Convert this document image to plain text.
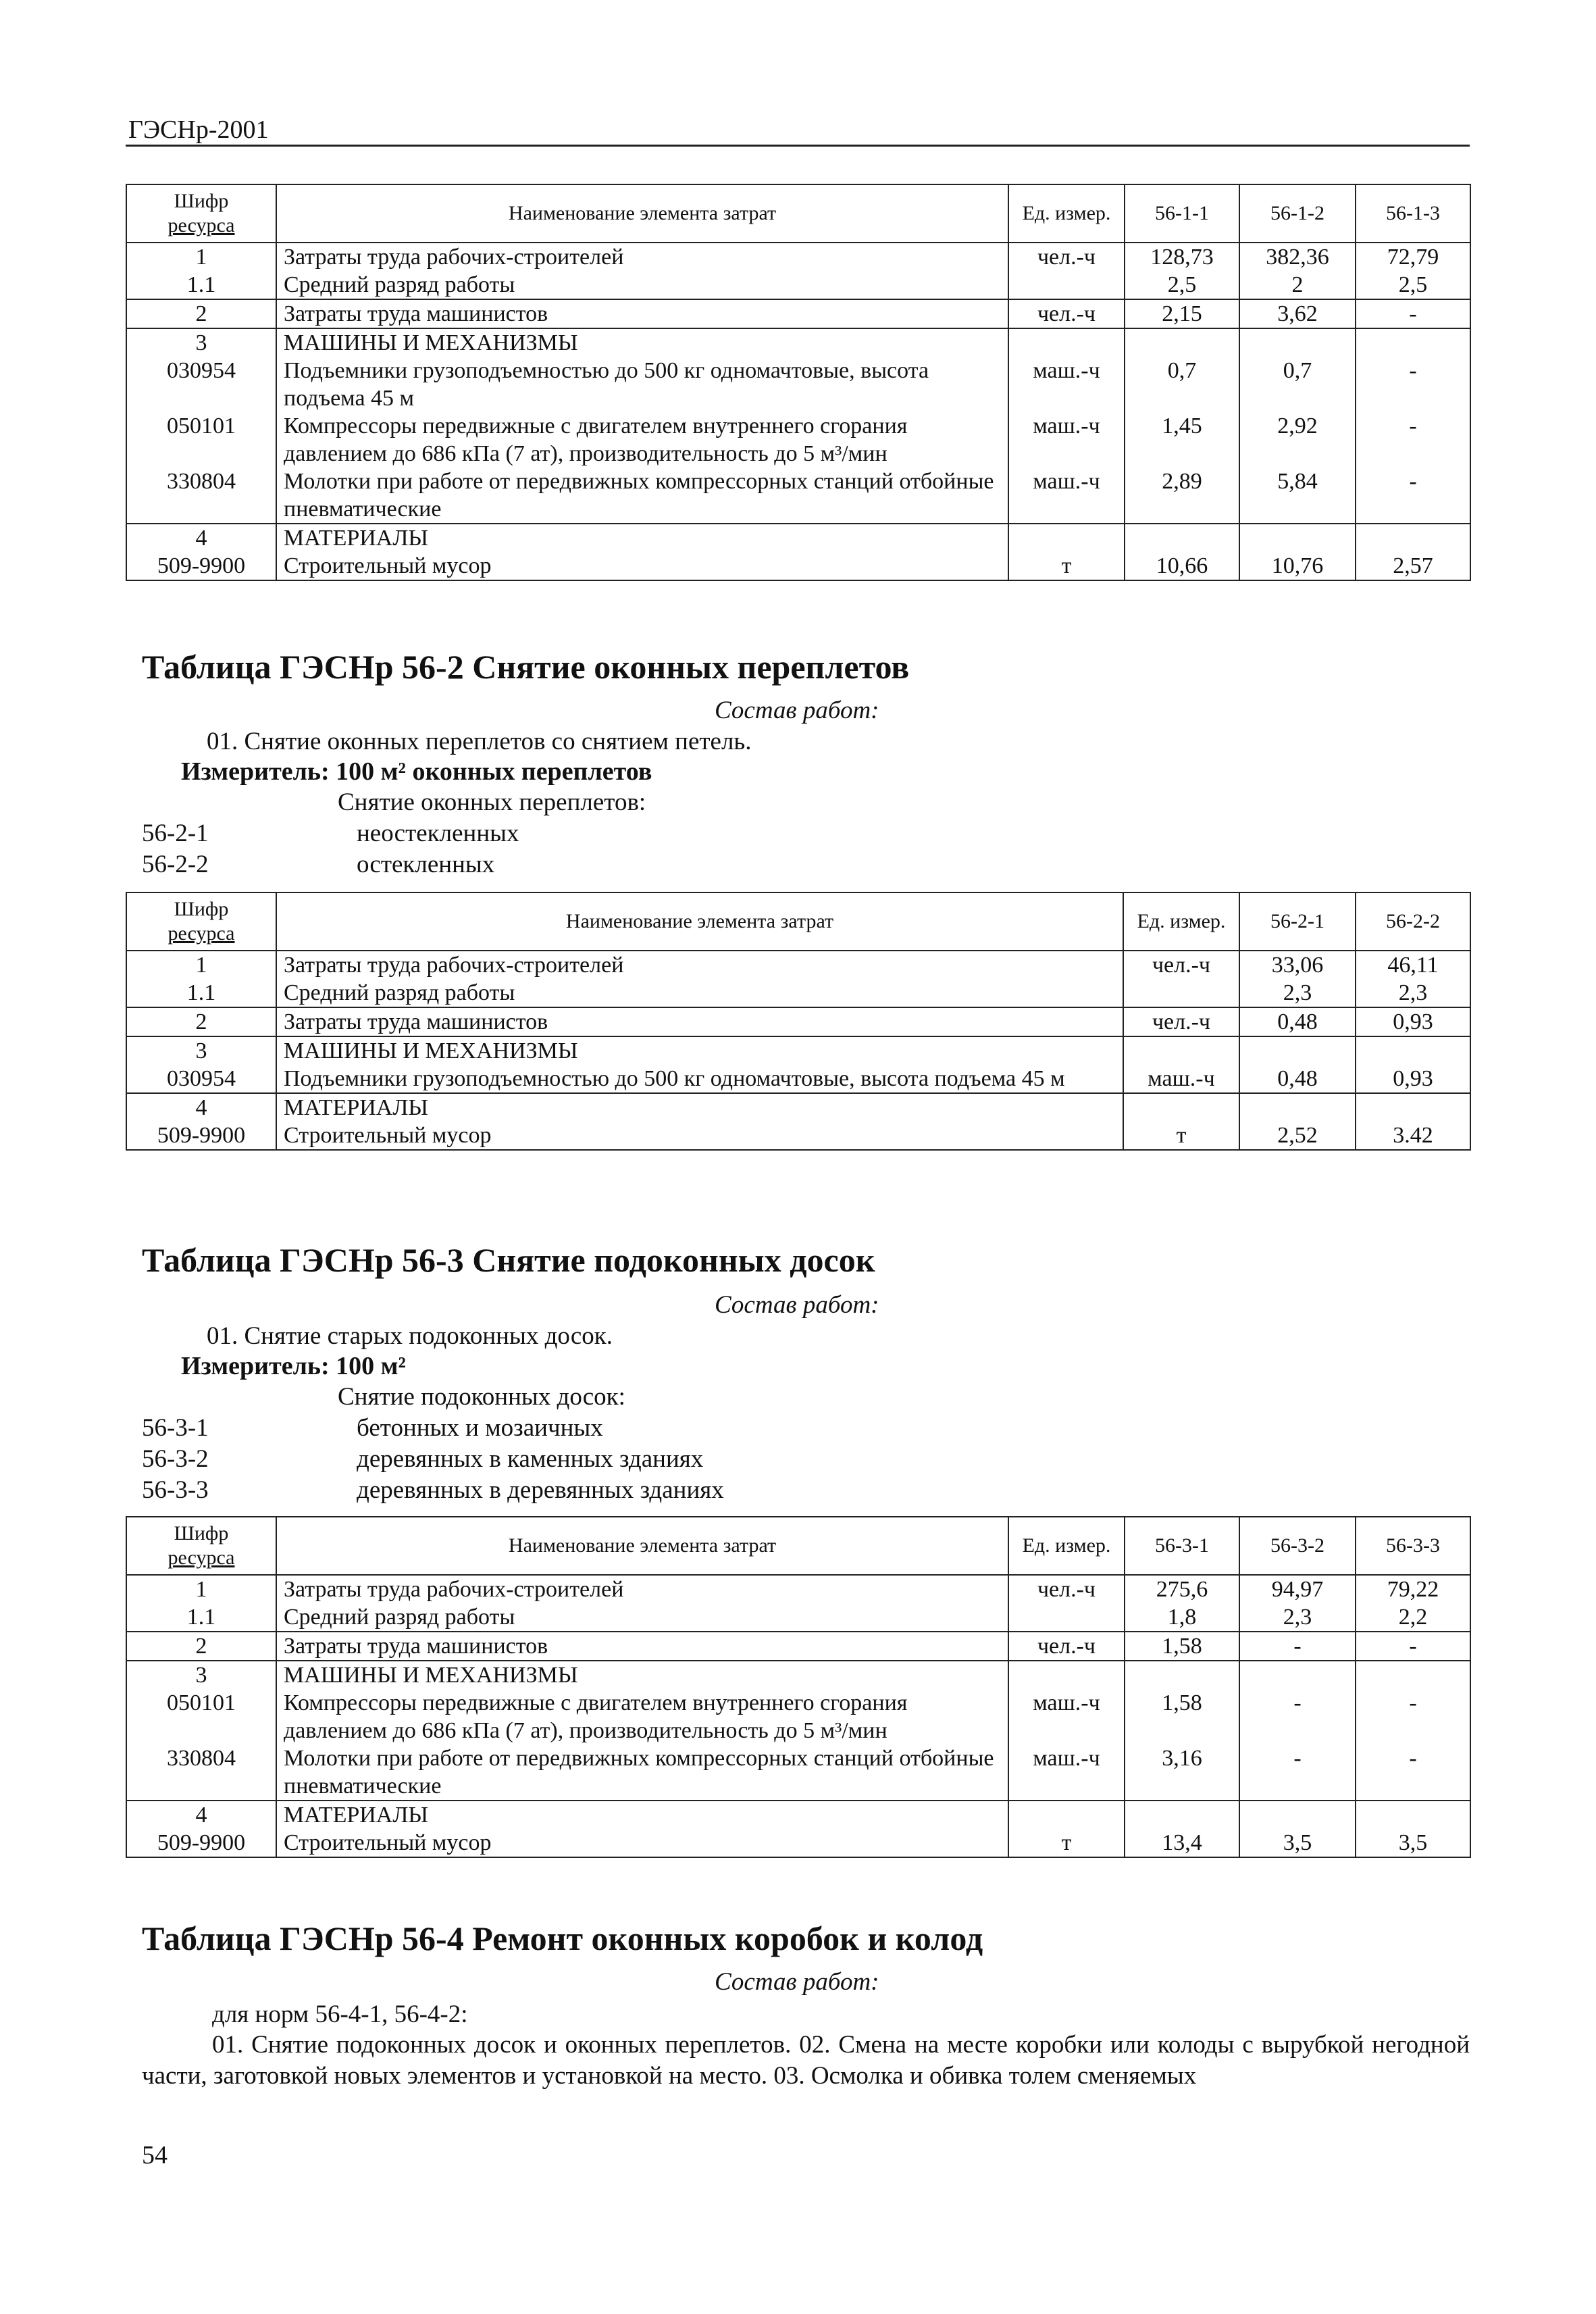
ГЭСНр-2001
Шифр
ресурса	Наименование элемента затрат	Ед. измер.	56-1-1	56-1-2	56-1-3
1	Затраты труда рабочих-строителей	чел.-ч	128,73	382,36	72,79
1.1	Средний разряд работы		2,5	2	2,5
2	Затраты труда машинистов	чел.-ч	2,15	3,62	-
3	МАШИНЫ И МЕХАНИЗМЫ				
030954	Подъемники грузоподъемностью до 500 кг одномачтовые, высота подъема 45 м	маш.-ч	0,7	0,7	-
050101	Компрессоры передвижные с двигателем внутреннего сгорания давлением до 686 кПа (7 ат), производительность до 5 м³/мин	маш.-ч	1,45	2,92	-
330804	Молотки при работе от передвижных компрессорных станций отбойные пневматические	маш.-ч	2,89	5,84	-
4	МАТЕРИАЛЫ				
509-9900	Строительный мусор	т	10,66	10,76	2,57
Таблица ГЭСНр 56-2 Снятие оконных переплетов
Состав работ:
01. Снятие оконных переплетов со снятием петель.
Измеритель: 100 м² оконных переплетов
Снятие оконных переплетов:
56-2-1	неостекленных
56-2-2	остекленных
Шифр
ресурса	Наименование элемента затрат	Ед. измер.	56-2-1	56-2-2
1	Затраты труда рабочих-строителей	чел.-ч	33,06	46,11
1.1	Средний разряд работы		2,3	2,3
2	Затраты труда машинистов	чел.-ч	0,48	0,93
3	МАШИНЫ И МЕХАНИЗМЫ			
030954	Подъемники грузоподъемностью до 500 кг одномачтовые, высота подъема 45 м	маш.-ч	0,48	0,93
4	МАТЕРИАЛЫ			
509-9900	Строительный мусор	т	2,52	3.42
Таблица ГЭСНр 56-3 Снятие подоконных досок
Состав работ:
01. Снятие старых подоконных досок.
Измеритель: 100 м²
Снятие подоконных досок:
56-3-1	бетонных и мозаичных
56-3-2	деревянных в каменных зданиях
56-3-3	деревянных в деревянных зданиях
Шифр
ресурса	Наименование элемента затрат	Ед. измер.	56-3-1	56-3-2	56-3-3
1	Затраты труда рабочих-строителей	чел.-ч	275,6	94,97	79,22
1.1	Средний разряд работы		1,8	2,3	2,2
2	Затраты труда машинистов	чел.-ч	1,58	-	-
3	МАШИНЫ И МЕХАНИЗМЫ				
050101	Компрессоры передвижные с двигателем внутреннего сгорания давлением до 686 кПа (7 ат), производительность до 5 м³/мин	маш.-ч	1,58	-	-
330804	Молотки при работе от передвижных компрессорных станций отбойные пневматические	маш.-ч	3,16	-	-
4	МАТЕРИАЛЫ				
509-9900	Строительный мусор	т	13,4	3,5	3,5
Таблица ГЭСНр 56-4 Ремонт оконных коробок и колод
Состав работ:
для норм 56-4-1, 56-4-2:
01. Снятие подоконных досок и оконных переплетов. 02. Смена на месте коробки или колоды с вырубкой негодной части, заготовкой новых элементов и установкой на место. 03. Осмолка и обивка толем сменяемых
54
